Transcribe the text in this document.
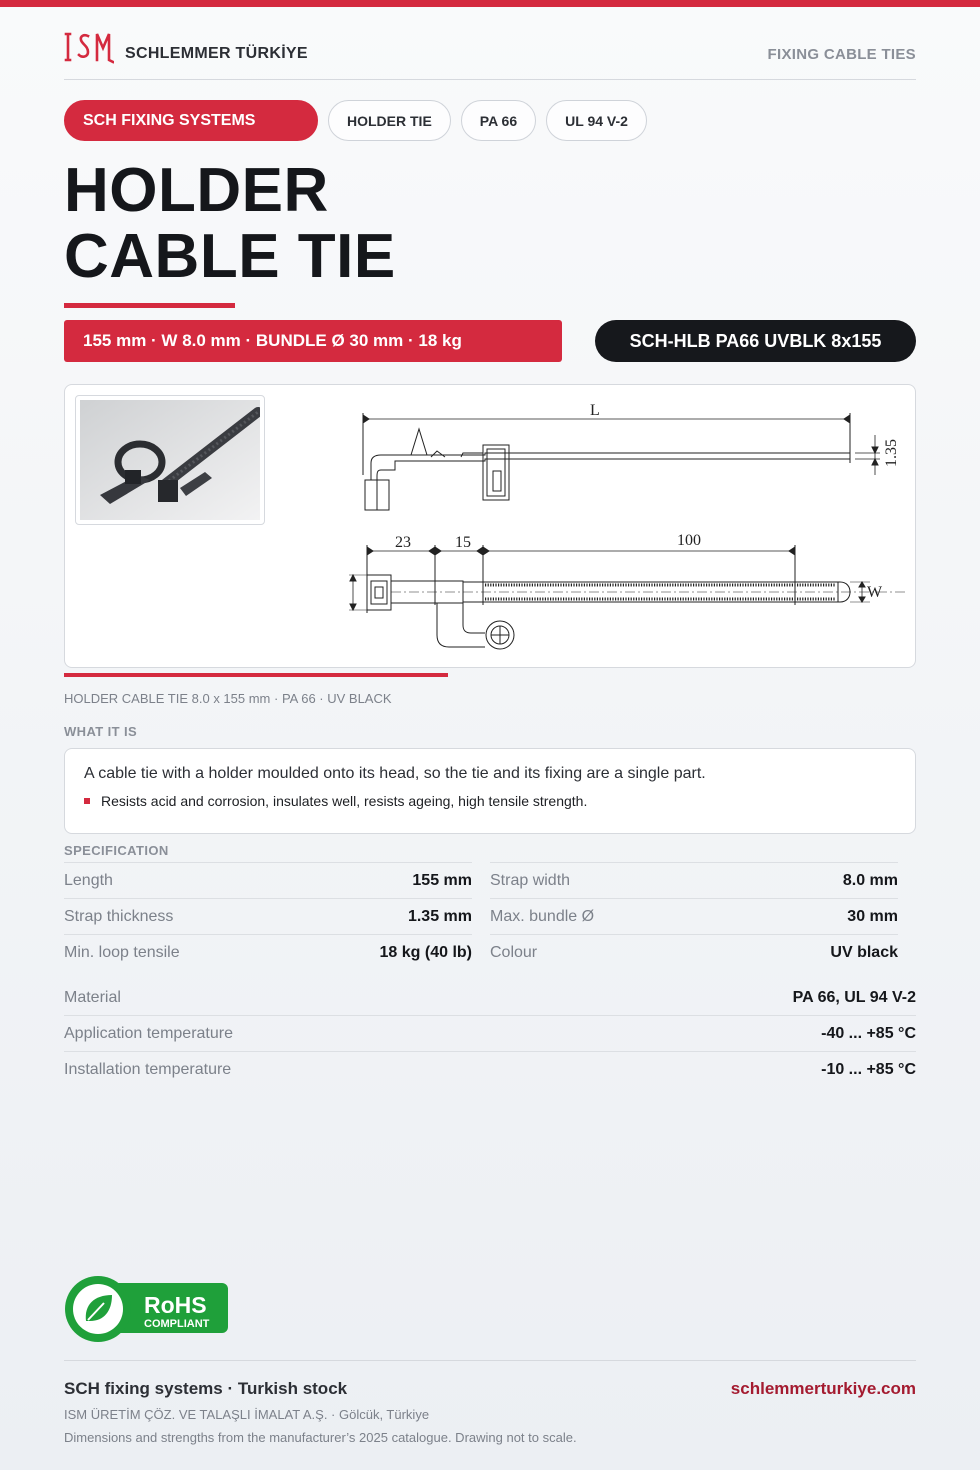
SCHLEMMER TÜRKİYE	FIXING CABLE TIES
SCH FIXING SYSTEMS	HOLDER TIE	PA 66	UL 94 V-2
HOLDER
CABLE TIE
155 mm · W 8.0 mm · BUNDLE Ø 30 mm · 18 kg	SCH-HLB PA66 UVBLK 8x155
L
1.35
23	15	100
W
HOLDER CABLE TIE 8.0 x 155 mm · PA 66 · UV BLACK
WHAT IT IS
A cable tie with a holder moulded onto its head, so the tie and its fixing are a single part.
Resists acid and corrosion, insulates well, resists ageing, high tensile strength.
SPECIFICATION
Length	155 mm Strap width	8.0 mm
Strap thickness	1.35 mm Max. bundle Ø	30 mm
Min. loop tensile	18 kg (40 lb) Colour	UV black
Material	PA 66, UL 94 V-2
Application temperature	-40 ... +85 °C
Installation temperature	-10 ... +85 °C
RoHS
COMPLIANT
SCH fixing systems · Turkish stock	schlemmerturkiye.com
ISM ÜRETİM ÇÖZ. VE TALAŞLI İMALAT A.Ş. · Gölcük, Türkiye
Dimensions and strengths from the manufacturer’s 2025 catalogue. Drawing not to scale.
